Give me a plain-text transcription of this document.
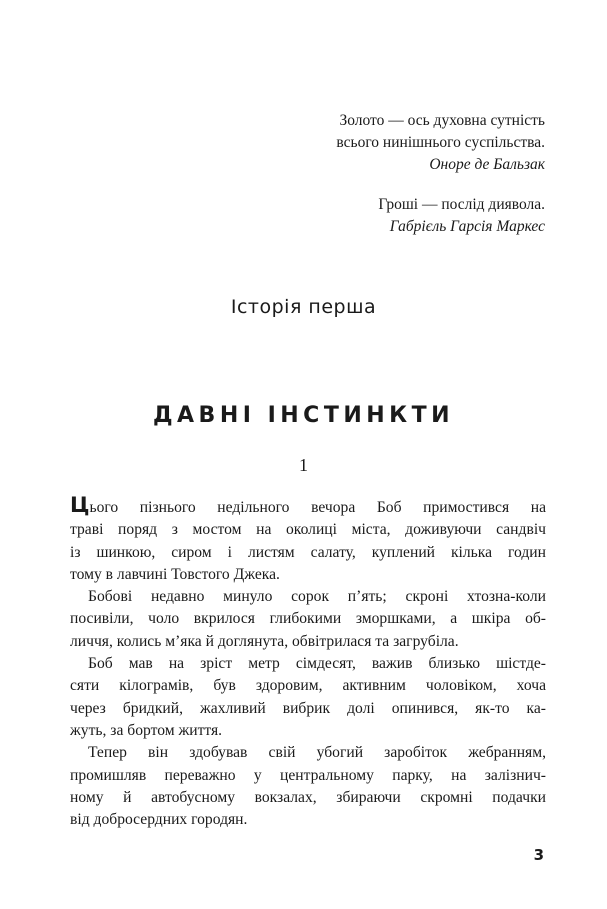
Золото — ось духовна сутність
всього нинішнього суспільства.
Оноре де Бальзак
Гроші — послід диявола.
Габрієль Гарсія Маркес
Історія перша
ДАВНІ ІНСТИНКТИ
1
Цього пізнього недільного вечора Боб примостився на
траві поряд з мостом на околиці міста, доживуючи сандвіч
із шинкою, сиром і листям салату, куплений кілька годин
тому в лавчині Товстого Джека.
Бобові недавно минуло сорок п’ять; скроні хтозна-коли
посивіли, чоло вкрилося глибокими зморшками, а шкіра об-
личчя, колись м’яка й доглянута, обвітрилася та загрубіла.
Боб мав на зріст метр сімдесят, важив близько шістде-
сяти кілограмів, був здоровим, активним чоловіком, хоча
через бридкий, жахливий вибрик долі опинився, як-то ка-
жуть, за бортом життя.
Тепер він здобував свій убогий заробіток жебранням,
промишляв переважно у центральному парку, на залізнич-
ному й автобусному вокзалах, збираючи скромні подачки
від добросердних городян.
3
